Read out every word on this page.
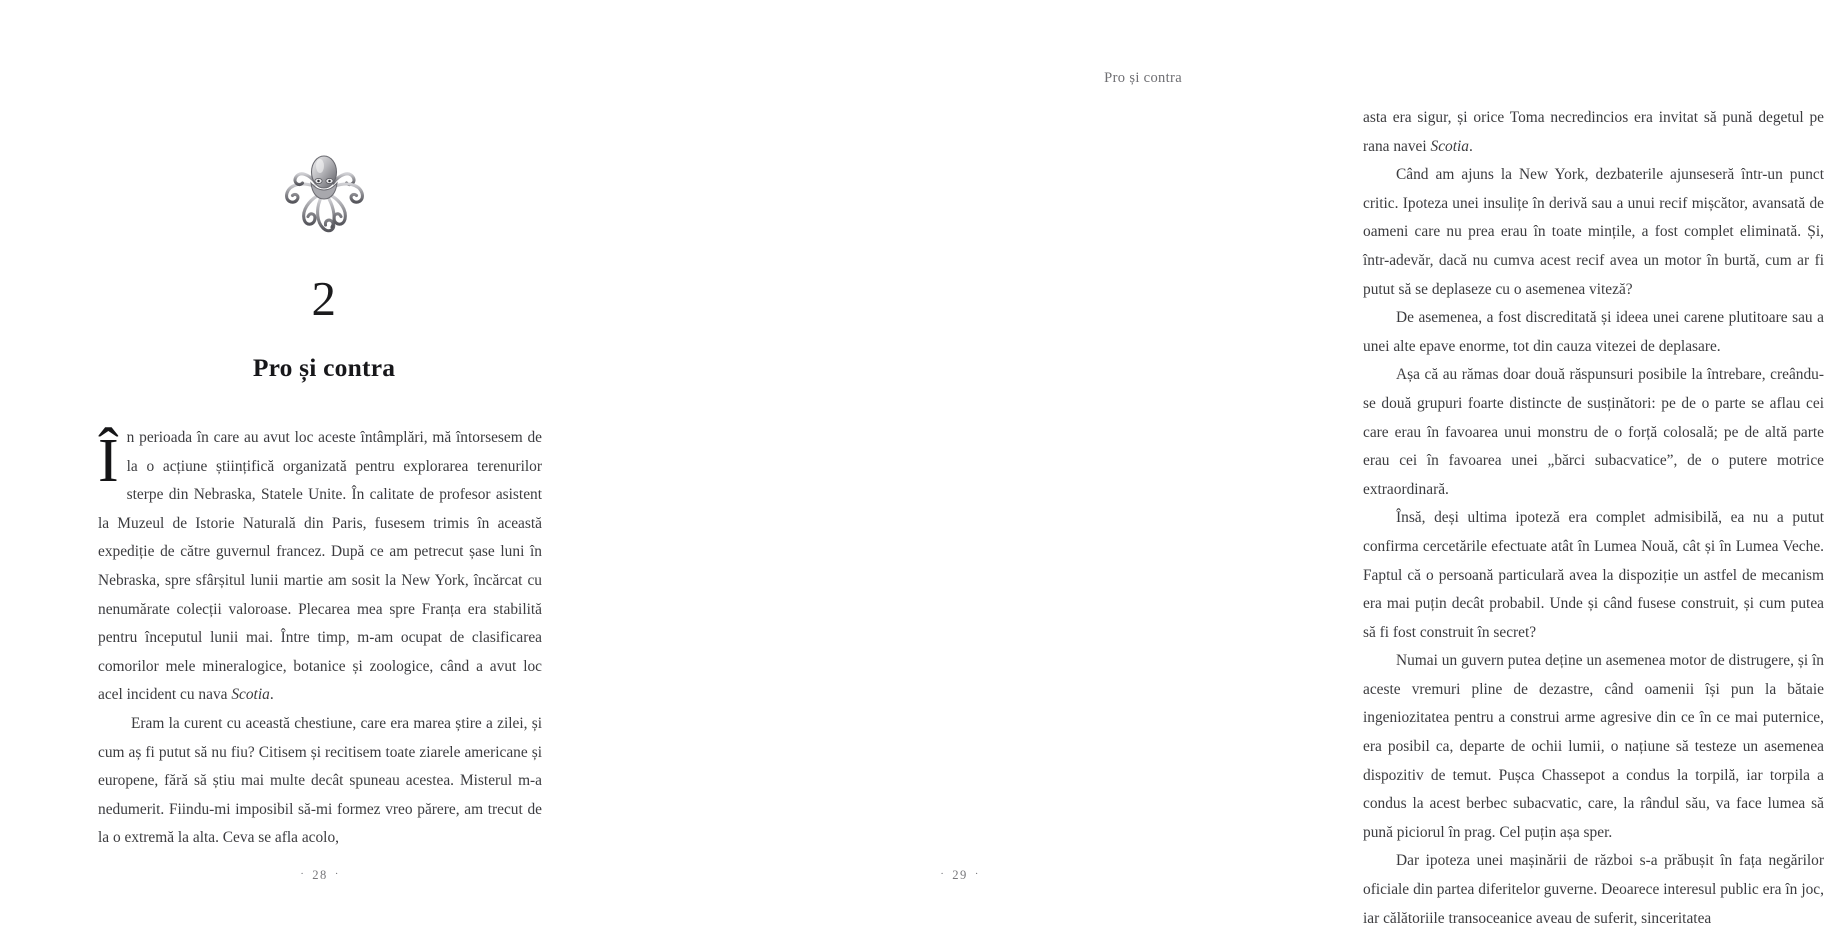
2
Pro și contra

În perioada în care au avut loc aceste întâmplări, mă întorsesem de la o acțiune științifică organizată pentru explorarea terenurilor sterpe din Nebraska, Statele Unite. În calitate de profesor asistent la Muzeul de Istorie Naturală din Paris, fusesem trimis în această expediție de către guvernul francez. După ce am petrecut șase luni în Nebraska, spre sfârșitul lunii martie am sosit la New York, încărcat cu nenumărate colecții valoroase. Plecarea mea spre Franța era stabilită pentru începutul lunii mai. Între timp, m-am ocupat de clasificarea comorilor mele mineralogice, botanice și zoologice, când a avut loc acel incident cu nava Scotia.

Eram la curent cu această chestiune, care era marea știre a zilei, și cum aș fi putut să nu fiu? Citisem și recitisem toate ziarele americane și europene, fără să știu mai multe decât spuneau acestea. Misterul m-a nedumerit. Fiindu-mi imposibil să-mi formez vreo părere, am trecut de la o extremă la alta. Ceva se afla acolo,

· 28 ·
Pro și contra

asta era sigur, și orice Toma necredincios era invitat să pună degetul pe rana navei Scotia.

Când am ajuns la New York, dezbaterile ajunseseră într-un punct critic. Ipoteza unei insulițe în derivă sau a unui recif mișcător, avansată de oameni care nu prea erau în toate mințile, a fost complet eliminată. Și, într-adevăr, dacă nu cumva acest recif avea un motor în burtă, cum ar fi putut să se deplaseze cu o asemenea viteză?

De asemenea, a fost discreditată și ideea unei carene plutitoare sau a unei alte epave enorme, tot din cauza vitezei de deplasare.

Așa că au rămas doar două răspunsuri posibile la întrebare, creându-se două grupuri foarte distincte de susținători: pe de o parte se aflau cei care erau în favoarea unui monstru de o forță colosală; pe de altă parte erau cei în favoarea unei „bărci subacvatice”, de o putere motrice extraordinară.

Însă, deși ultima ipoteză era complet admisibilă, ea nu a putut confirma cercetările efectuate atât în Lumea Nouă, cât și în Lumea Veche. Faptul că o persoană particulară avea la dispoziție un astfel de mecanism era mai puțin decât probabil. Unde și când fusese construit, și cum putea să fi fost construit în secret?

Numai un guvern putea deține un asemenea motor de distrugere, și în aceste vremuri pline de dezastre, când oamenii își pun la bătaie ingeniozitatea pentru a construi arme agresive din ce în ce mai puternice, era posibil ca, departe de ochii lumii, o națiune să testeze un asemenea dispozitiv de temut. Pușca Chassepot a condus la torpilă, iar torpila a condus la acest berbec subacvatic, care, la rândul său, va face lumea să pună piciorul în prag. Cel puțin așa sper.

Dar ipoteza unei mașinării de război s-a prăbușit în fața negărilor oficiale din partea diferitelor guverne. Deoarece interesul public era în joc, iar călătoriile transoceanice aveau de suferit, sinceritatea

· 29 ·
